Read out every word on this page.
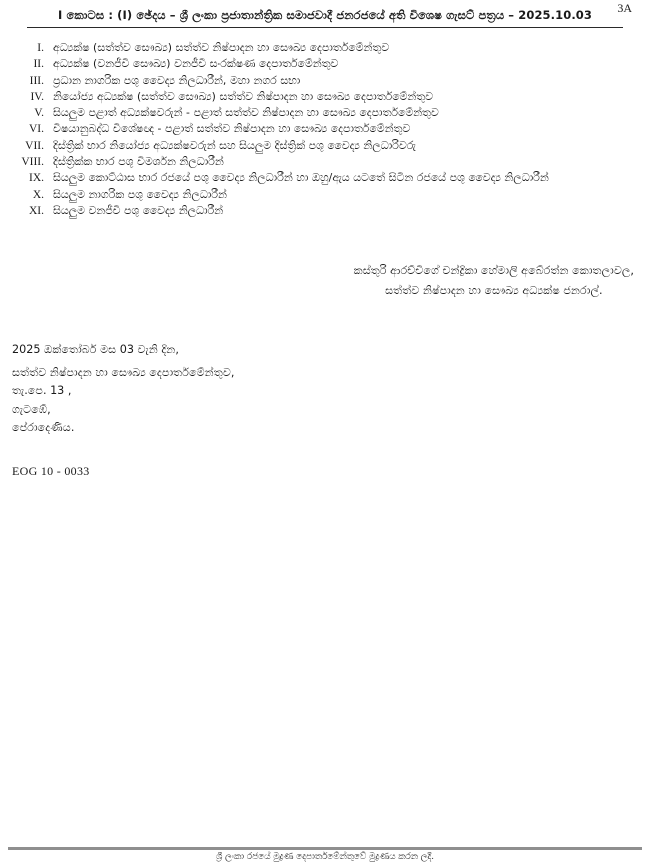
I කොටස : (I) ඡේදය – ශ්‍රී ලංකා ප්‍රජාතාන්ත්‍රික සමාජවාදී ජනරජයේ අති විශෙෂ ගැසට් පත්‍රය – 2025.10.03	3A
I. අධ්‍යක්ෂ (සත්ත්ව සෞඛ්‍ය) සත්ත්ව නිෂ්පාදන හා සෞඛ්‍ය දෙපාර්තමේන්තුව
II. අධ්‍යක්ෂ (වනජීවී සෞඛ්‍ය) වනජීවී සංරක්ෂණ දෙපාර්තමේන්තුව
III. ප්‍රධාන නාගරික පශු වෛද්‍ය නිලධාරීන්, මහා නගර සභා
IV. නියෝජ්‍ය අධ්‍යක්ෂ (සත්ත්ව සෞඛ්‍ය) සත්ත්ව නිෂ්පාදන හා සෞඛ්‍ය දෙපාර්තමේන්තුව
V. සියලුම පළාත් අධ්‍යක්ෂවරුන් - පළාත් සත්ත්ව නිෂ්පාදන හා සෞඛ්‍ය දෙපාර්තමේන්තුව
VI. විෂයානුබද්ධ විශේෂඥ - පළාත් සත්ත්ව නිෂ්පාදන හා සෞඛ්‍ය දෙපාර්තමේන්තුව
VII. දිස්ත්‍රික් භාර නියෝජ්‍ය අධ්‍යක්ෂවරුන් සහ සියලුම දිස්ත්‍රික් පශු වෛද්‍ය නිලධාරිවරු
VIII. දිස්ත්‍රික්ක භාර පශු විමර්ශන නිලධාරීන්
IX. සියලුම කොට්ඨාස භාර රජයේ පශු වෛද්‍ය නිලධාරීන් හා ඔහු/ඇය යටතේ සිටින රජයේ පශු වෛද්‍ය නිලධාරීන්
X. සියලුම නාගරික පශු වෛද්‍ය නිලධාරීන්
XI. සියලුම වනජීවී පශු වෛද්‍ය නිලධාරීන්
කස්තුරි ආරච්චිගේ චන්ද්‍රිකා හේමාලි අබේරත්න කොතලාවල,
සත්ත්ව නිෂ්පාදන හා සෞඛ්‍ය අධ්‍යක්ෂ ජනරාල්.
2025 ඔක්තෝබර් මස 03 වැනි දින,
සත්ත්ව නිෂ්පාදන හා සෞඛ්‍ය දෙපාර්තමේන්තුව,
තැ.පෙ. 13 ,
ගැටඹේ,
පේරාදෙණිය.
EOG 10 - 0033
ශ්‍රී ලංකා රජයේ මුද්‍රණ දෙපාර්තමේන්තුවේ මුද්‍රණය කරන ලදී.
